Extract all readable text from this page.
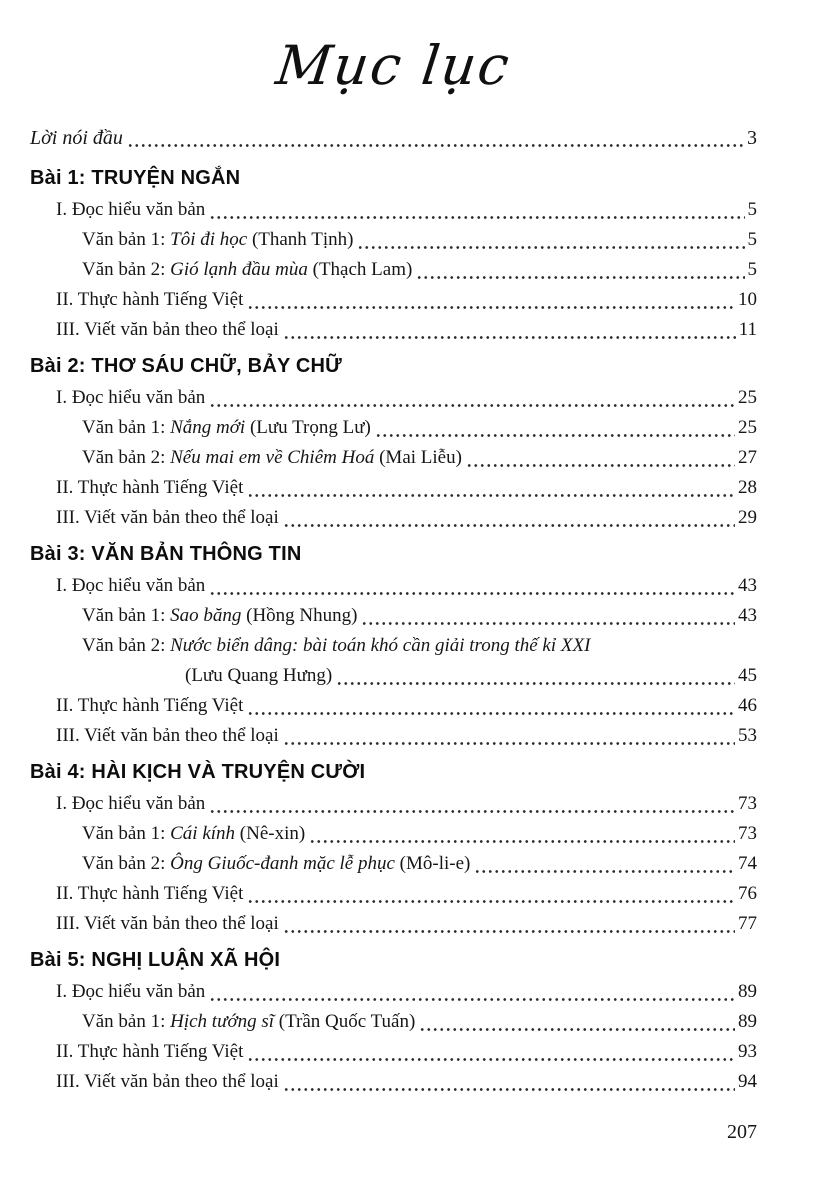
Mục lục
Lời nói đầu	3
Bài 1: TRUYỆN NGẮN
I. Đọc hiểu văn bản	5
Văn bản 1: Tôi đi học (Thanh Tịnh)	5
Văn bản 2: Gió lạnh đầu mùa (Thạch Lam)	5
II. Thực hành Tiếng Việt	10
III. Viết văn bản theo thể loại	11
Bài 2: THƠ SÁU CHỮ, BẢY CHỮ
I. Đọc hiểu văn bản	25
Văn bản 1: Nắng mới (Lưu Trọng Lư)	25
Văn bản 2: Nếu mai em về Chiêm Hoá (Mai Liễu)	27
II. Thực hành Tiếng Việt	28
III. Viết văn bản theo thể loại	29
Bài 3: VĂN BẢN THÔNG TIN
I. Đọc hiểu văn bản	43
Văn bản 1: Sao băng (Hồng Nhung)	43
Văn bản 2: Nước biển dâng: bài toán khó cần giải trong thế kỉ XXI
(Lưu Quang Hưng)	45
II. Thực hành Tiếng Việt	46
III. Viết văn bản theo thể loại	53
Bài 4: HÀI KỊCH VÀ TRUYỆN CƯỜI
I. Đọc hiểu văn bản	73
Văn bản 1: Cái kính (Nê-xin)	73
Văn bản 2: Ông Giuốc-đanh mặc lễ phục (Mô-li-e)	74
II. Thực hành Tiếng Việt	76
III. Viết văn bản theo thể loại	77
Bài 5: NGHỊ LUẬN XÃ HỘI
I. Đọc hiểu văn bản	89
Văn bản 1: Hịch tướng sĩ (Trần Quốc Tuấn)	89
II. Thực hành Tiếng Việt	93
III. Viết văn bản theo thể loại	94
207
